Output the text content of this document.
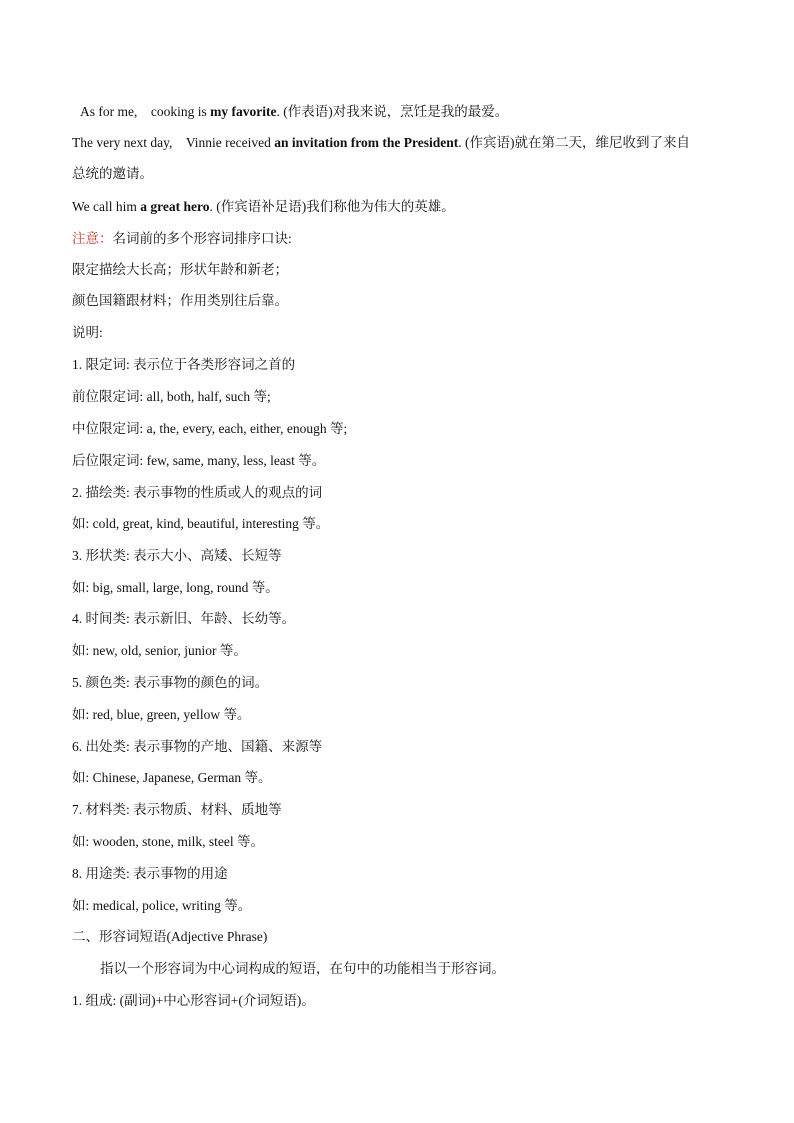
As for me, cooking is my favorite. (作表语)对我来说，烹饪是我的最爱。
The very next day, Vinnie received an invitation from the President. (作宾语)就在第二天，维尼收到了来自
总统的邀请。
We call him a great hero. (作宾语补足语)我们称他为伟大的英雄。
注意：名词前的多个形容词排序口诀:
限定描绘大长高；形状年龄和新老；
颜色国籍跟材料；作用类别往后靠。
说明:
1. 限定词: 表示位于各类形容词之首的
前位限定词: all, both, half, such 等;
中位限定词: a, the, every, each, either, enough 等;
后位限定词: few, same, many, less, least 等。
2. 描绘类: 表示事物的性质或人的观点的词
如: cold, great, kind, beautiful, interesting 等。
3. 形状类: 表示大小、高矮、长短等
如: big, small, large, long, round 等。
4. 时间类: 表示新旧、年龄、长幼等。
如: new, old, senior, junior 等。
5. 颜色类: 表示事物的颜色的词。
如: red, blue, green, yellow 等。
6. 出处类: 表示事物的产地、国籍、来源等
如: Chinese, Japanese, German 等。
7. 材料类: 表示物质、材料、质地等
如: wooden, stone, milk, steel 等。
8. 用途类: 表示事物的用途
如: medical, police, writing 等。
二、形容词短语(Adjective Phrase)
指以一个形容词为中心词构成的短语，在句中的功能相当于形容词。
1. 组成: (副词)+中心形容词+(介词短语)。
